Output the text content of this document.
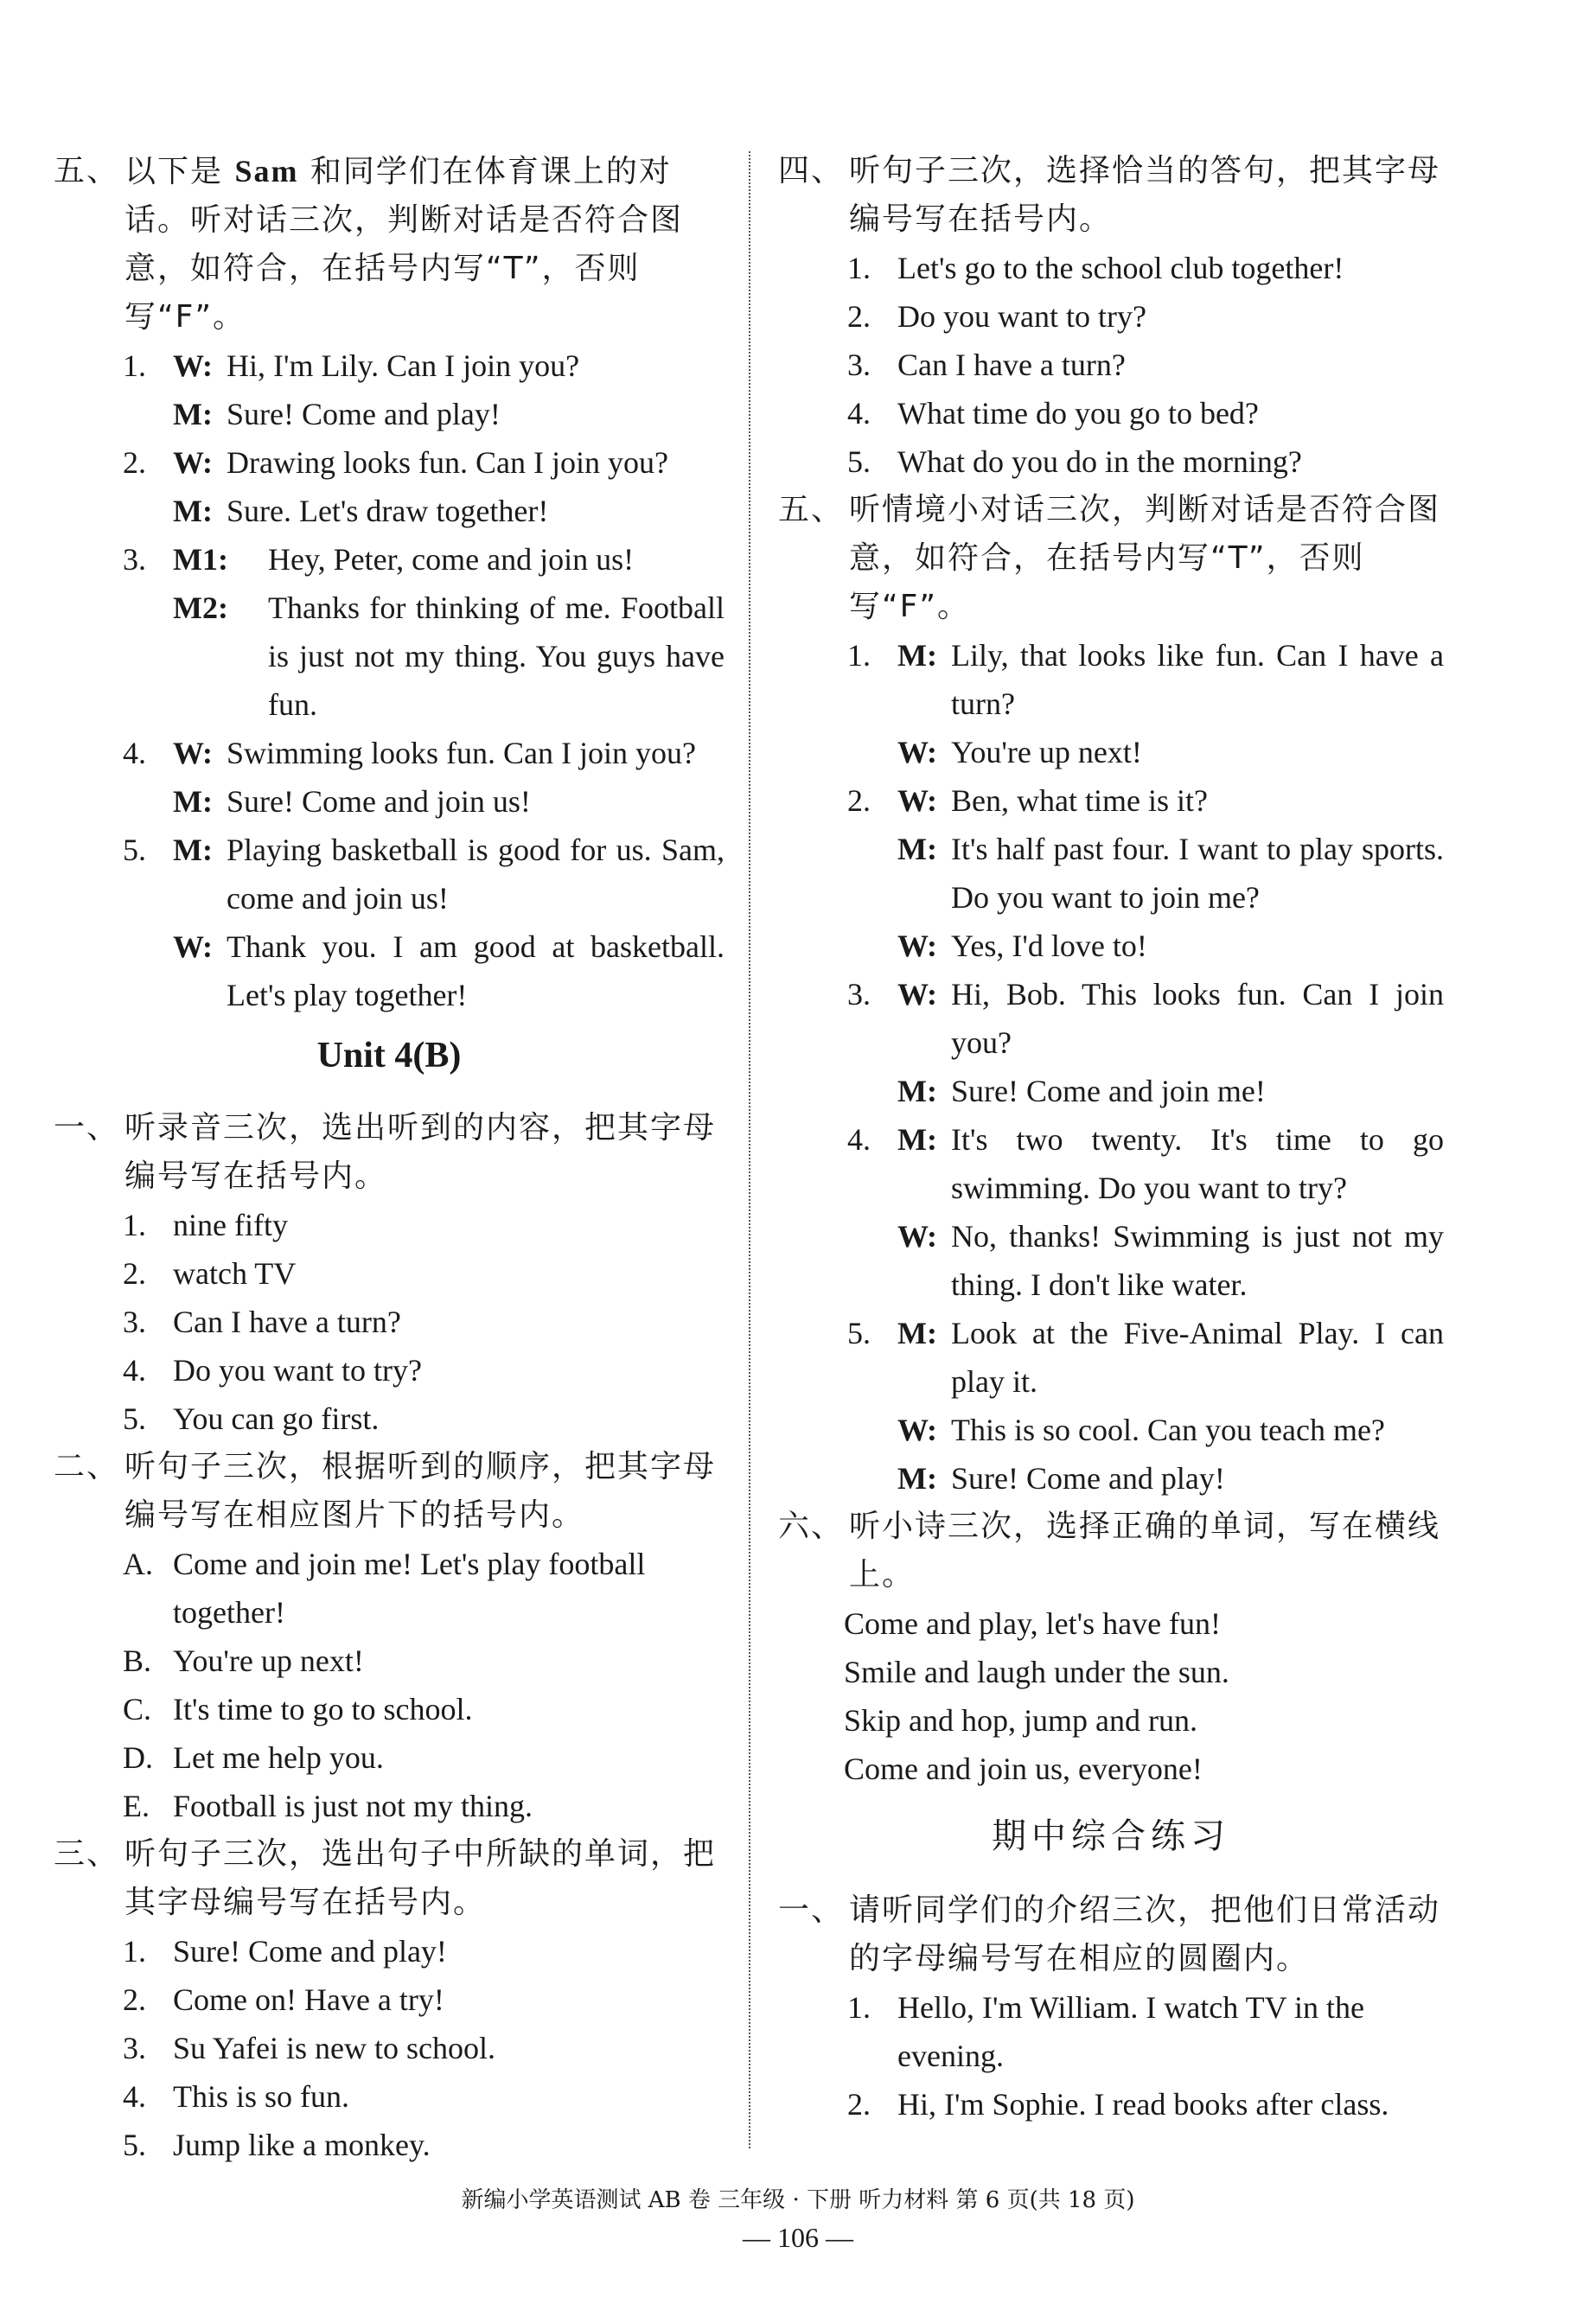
五、 以下是 Sam 和同学们在体育课上的对话。听对话三次，判断对话是否符合图意，如符合，在括号内写“T”，否则写“F”。
1. W: Hi, I'm Lily. Can I join you?
M: Sure! Come and play!
2. W: Drawing looks fun. Can I join you?
M: Sure. Let's draw together!
3. M1:	Hey, Peter, come and join us!
M2:	Thanks for thinking of me. Football is just not my thing. You guys have fun.
4. W: Swimming looks fun. Can I join you?
M: Sure! Come and join us!
5. M: Playing basketball is good for us. Sam, come and join us!
W: Thank you. I am good at basketball. Let's play together!
Unit 4(B)
一、 听录音三次，选出听到的内容，把其字母编号写在括号内。
1. nine fifty
2. watch TV
3. Can I have a turn?
4. Do you want to try?
5. You can go first.
二、 听句子三次，根据听到的顺序，把其字母编号写在相应图片下的括号内。
A. Come and join me! Let's play football together!
B. You're up next!
C. It's time to go to school.
D. Let me help you.
E. Football is just not my thing.
三、 听句子三次，选出句子中所缺的单词，把其字母编号写在括号内。
1. Sure! Come and play!
2. Come on! Have a try!
3. Su Yafei is new to school.
4. This is so fun.
5. Jump like a monkey.
四、 听句子三次，选择恰当的答句，把其字母编号写在括号内。
1. Let's go to the school club together!
2. Do you want to try?
3. Can I have a turn?
4. What time do you go to bed?
5. What do you do in the morning?
五、 听情境小对话三次，判断对话是否符合图意，如符合，在括号内写“T”，否则写“F”。
1. M: Lily, that looks like fun. Can I have a turn?
W: You're up next!
2. W: Ben, what time is it?
M: It's half past four. I want to play sports. Do you want to join me?
W: Yes, I'd love to!
3. W: Hi, Bob. This looks fun. Can I join you?
M: Sure! Come and join me!
4. M: It's two twenty. It's time to go swimming. Do you want to try?
W: No, thanks! Swimming is just not my thing. I don't like water.
5. M: Look at the Five-Animal Play. I can play it.
W: This is so cool. Can you teach me?
M: Sure! Come and play!
六、 听小诗三次，选择正确的单词，写在横线上。
Come and play, let's have fun!
Smile and laugh under the sun.
Skip and hop, jump and run.
Come and join us, everyone!
期中综合练习
一、 请听同学们的介绍三次，把他们日常活动的字母编号写在相应的圆圈内。
1. Hello, I'm William. I watch TV in the evening.
2. Hi, I'm Sophie. I read books after class.
新编小学英语测试 AB 卷 三年级 · 下册 听力材料 第 6 页(共 18 页)
— 106 —
